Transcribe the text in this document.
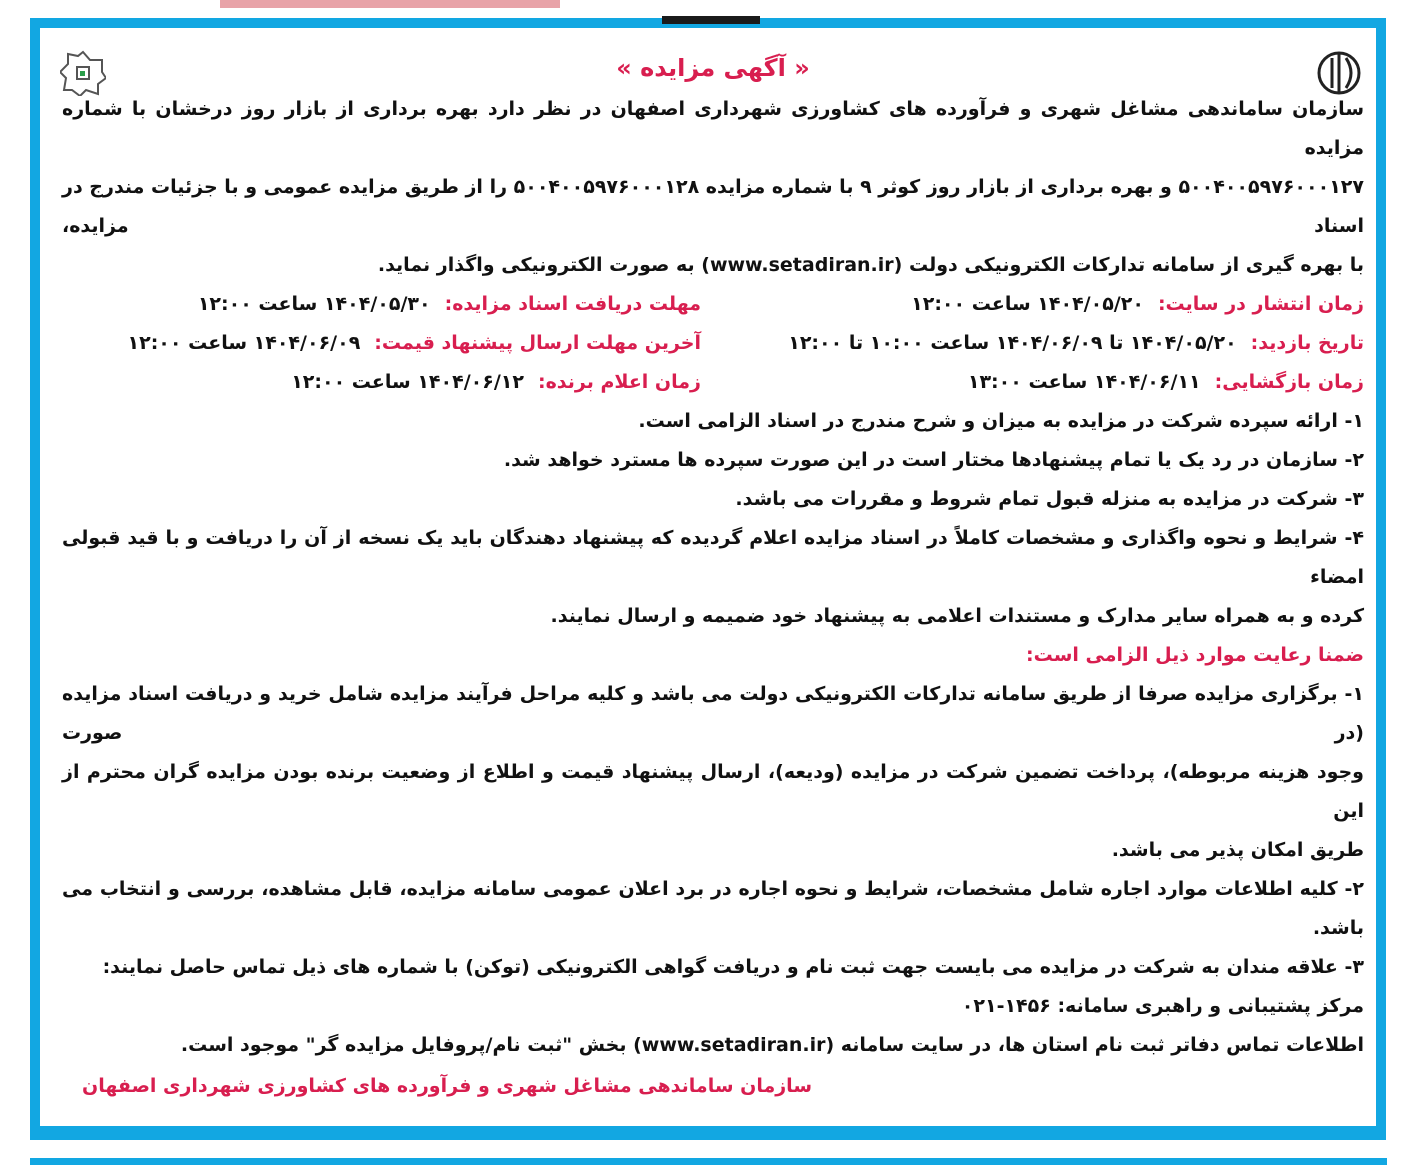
« آگهی مزایده »
سازمان ساماندهی مشاغل شهری و فرآورده های کشاورزی شهرداری اصفهان در نظر دارد بهره برداری از بازار روز درخشان با شماره مزایده
۵۰۰۴۰۰۵۹۷۶۰۰۰۱۲۷ و بهره برداری از بازار روز کوثر ۹ با شماره مزایده ۵۰۰۴۰۰۵۹۷۶۰۰۰۱۲۸ را از طریق مزایده عمومی و با جزئیات مندرج در اسناد مزایده،
با بهره گیری از سامانه تدارکات الکترونیکی دولت (www.setadiran.ir) به صورت الکترونیکی واگذار نماید.
زمان انتشار در سایت:
۱۴۰۴/۰۵/۲۰ ساعت ۱۲:۰۰
مهلت دریافت اسناد مزایده:
۱۴۰۴/۰۵/۳۰ ساعت ۱۲:۰۰
تاریخ بازدید:
۱۴۰۴/۰۵/۲۰ تا ۱۴۰۴/۰۶/۰۹ ساعت ۱۰:۰۰ تا ۱۲:۰۰
آخرین مهلت ارسال پیشنهاد قیمت:
۱۴۰۴/۰۶/۰۹ ساعت ۱۲:۰۰
زمان بازگشایی:
۱۴۰۴/۰۶/۱۱ ساعت ۱۳:۰۰
زمان اعلام برنده:
۱۴۰۴/۰۶/۱۲ ساعت ۱۲:۰۰
۱- ارائه سپرده شرکت در مزایده به میزان و شرح مندرج در اسناد الزامی است.
۲- سازمان در رد یک یا تمام پیشنهادها مختار است در این صورت سپرده ها مسترد خواهد شد.
۳- شرکت در مزایده به منزله قبول تمام شروط و مقررات می باشد.
۴- شرایط و نحوه واگذاری و مشخصات کاملاً در اسناد مزایده اعلام گردیده که پیشنهاد دهندگان باید یک نسخه از آن را دریافت و با قید قبولی امضاء
کرده و به همراه سایر مدارک و مستندات اعلامی به پیشنهاد خود ضمیمه و ارسال نمایند.
ضمنا رعایت موارد ذیل الزامی است:
۱- برگزاری مزایده صرفا از طریق سامانه تدارکات الکترونیکی دولت می باشد و کلیه مراحل فرآیند مزایده شامل خرید و دریافت اسناد مزایده (در صورت
وجود هزینه مربوطه)، پرداخت تضمین شرکت در مزایده (ودیعه)، ارسال پیشنهاد قیمت و اطلاع از وضعیت برنده بودن مزایده گران محترم از این
طریق امکان پذیر می باشد.
۲- کلیه اطلاعات موارد اجاره شامل مشخصات، شرایط و نحوه اجاره در برد اعلان عمومی سامانه مزایده، قابل مشاهده، بررسی و انتخاب می باشد.
۳- علاقه مندان به شرکت در مزایده می بایست جهت ثبت نام و دریافت گواهی الکترونیکی (توکن) با شماره های ذیل تماس حاصل نمایند:
مرکز پشتیبانی و راهبری سامانه: ۱۴۵۶-۰۲۱
اطلاعات تماس دفاتر ثبت نام استان ها، در سایت سامانه (www.setadiran.ir) بخش "ثبت نام/پروفایل مزایده گر" موجود است.
سازمان ساماندهی مشاغل شهری و فرآورده های کشاورزی شهرداری اصفهان
